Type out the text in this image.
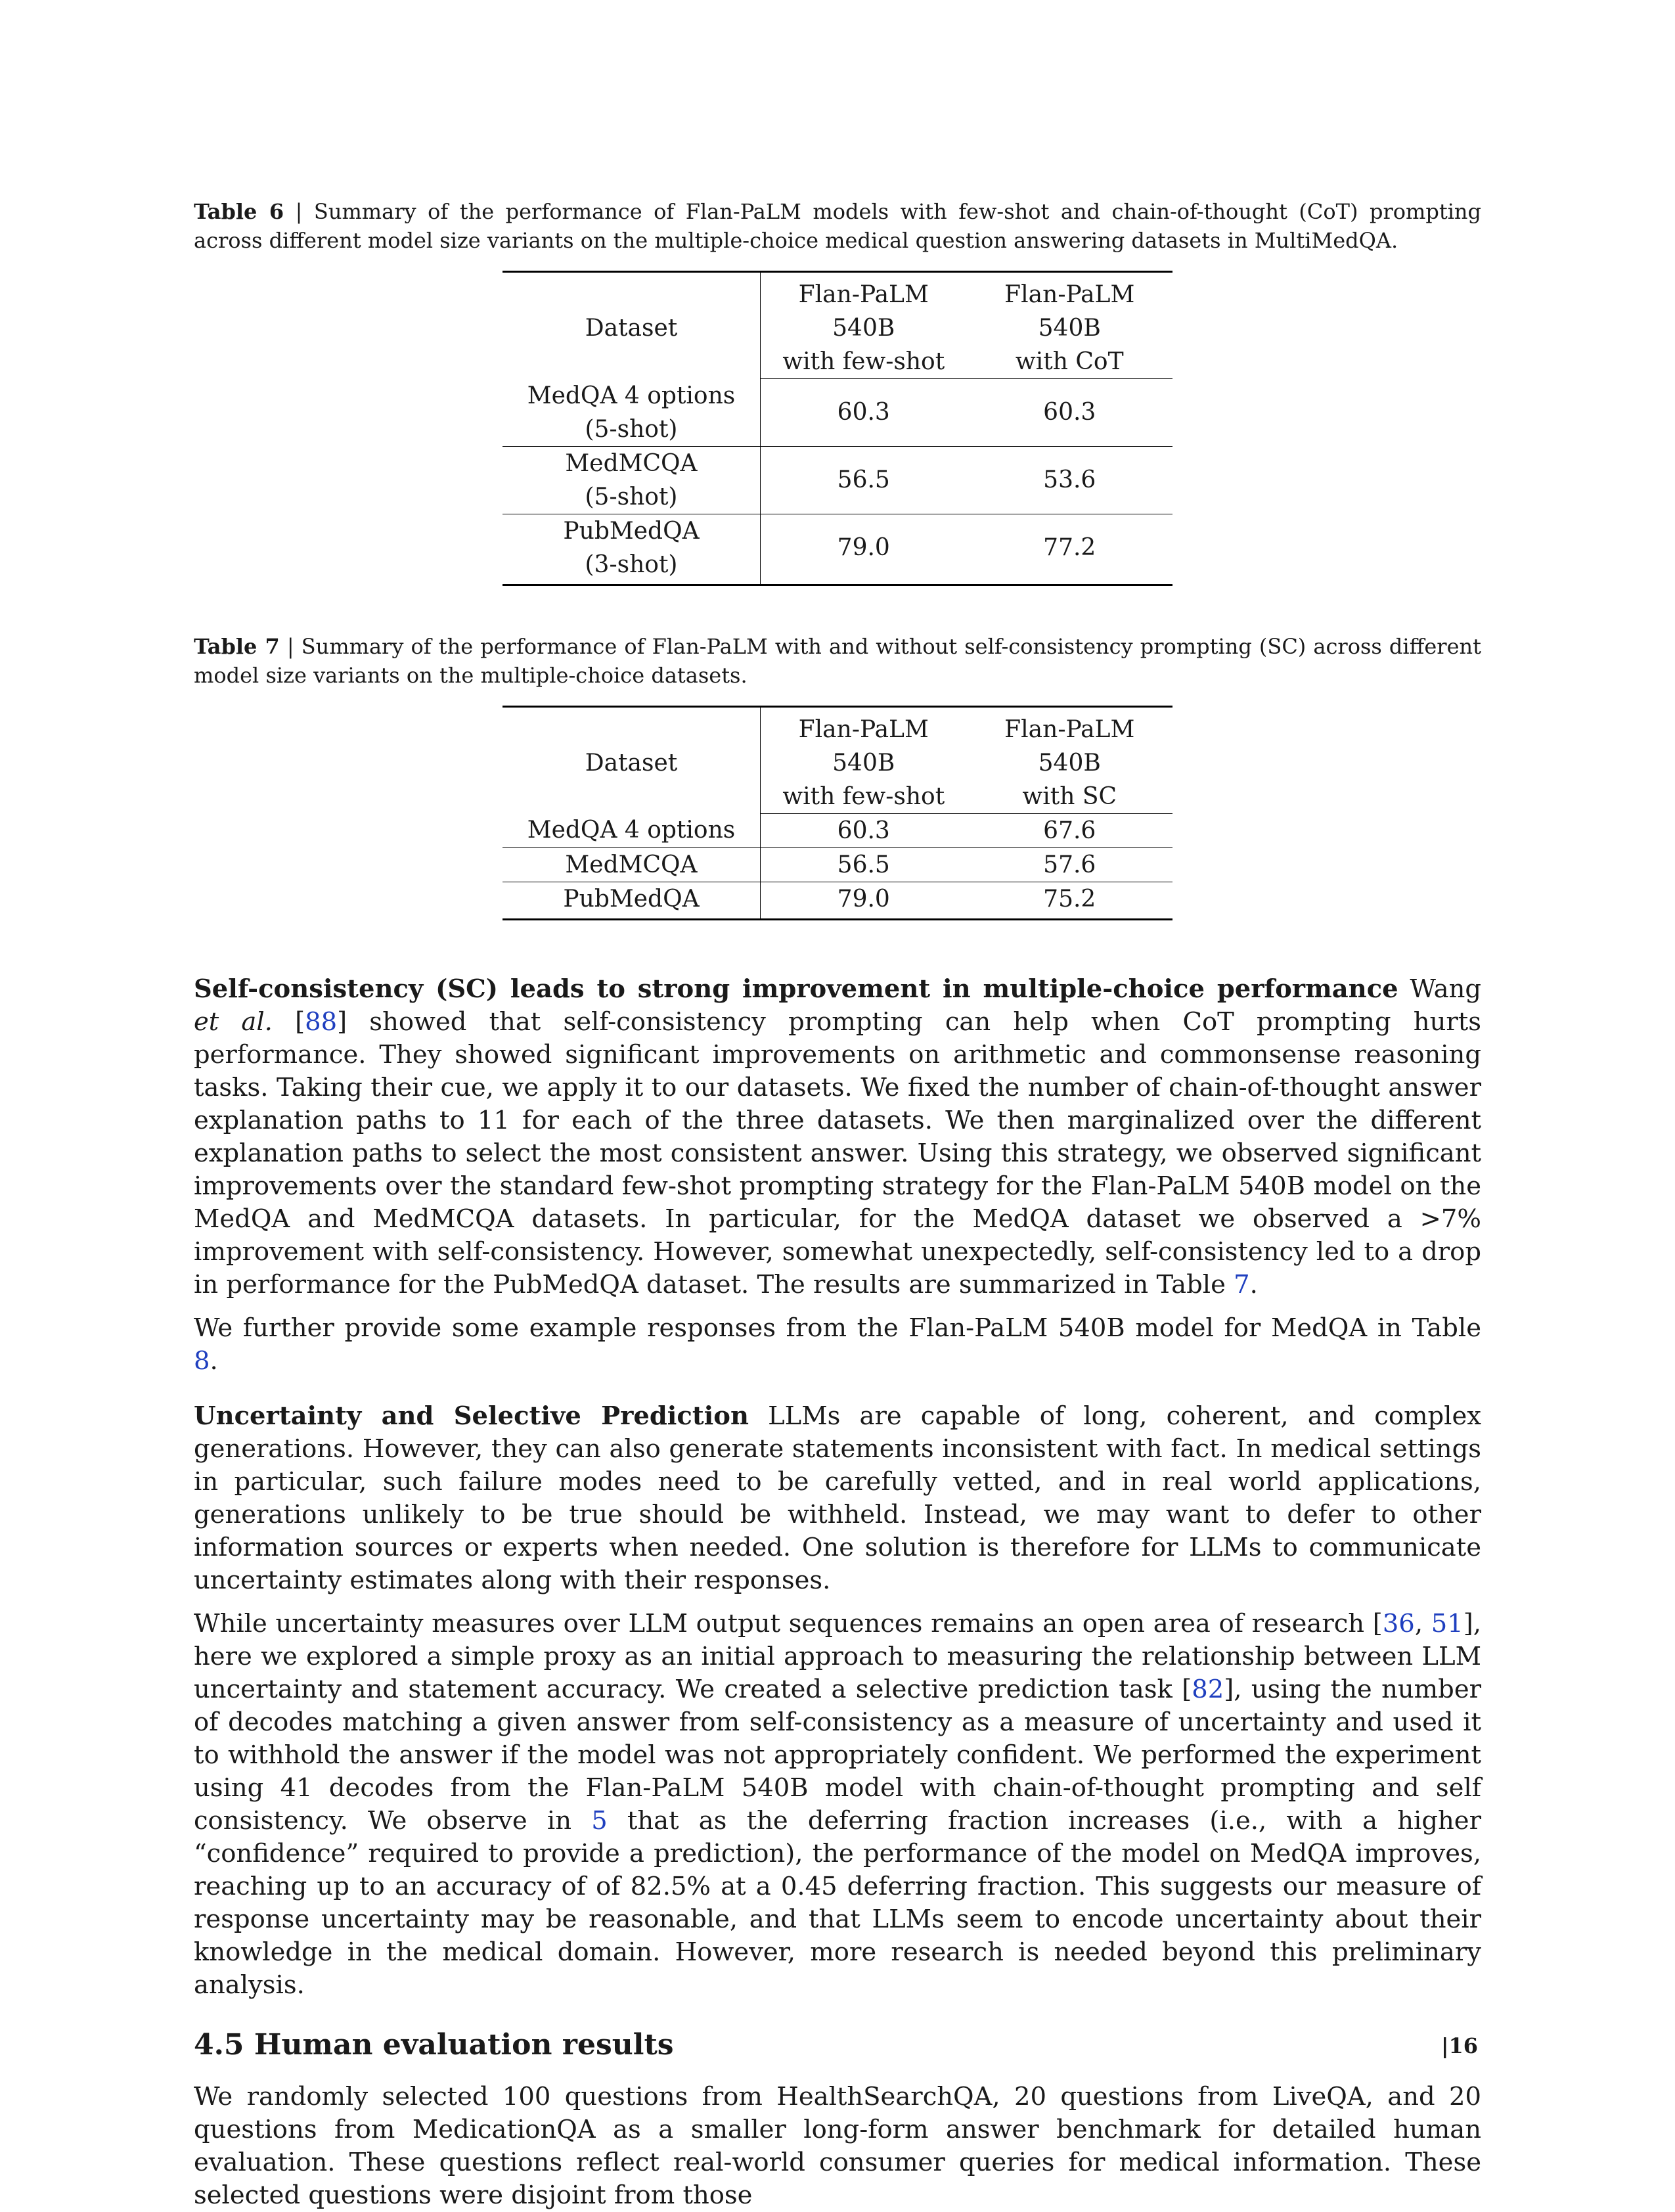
Table 6 | Summary of the performance of Flan-PaLM models with few-shot and chain-of-thought (CoT) prompting across different model size variants on the multiple-choice medical question answering datasets in MultiMedQA.

Dataset	Flan-PaLM 540B	Flan-PaLM 540B
	with few-shot	with CoT

MedQA 4 options
(5-shot)	60.3	60.3

MedMCQA
(5-shot)	56.5	53.6

PubMedQA
(3-shot)	79.0	77.2

Table 7 | Summary of the performance of Flan-PaLM with and without self-consistency prompting (SC) across different model size variants on the multiple-choice datasets.

Dataset	Flan-PaLM 540B	Flan-PaLM 540B
	with few-shot	with SC
MedQA 4 options	60.3	67.6
MedMCQA	56.5	57.6
PubMedQA	79.0	75.2

Self-consistency (SC) leads to strong improvement in multiple-choice performance Wang et al. [88] showed that self-consistency prompting can help when CoT prompting hurts performance. They showed significant improvements on arithmetic and commonsense reasoning tasks. Taking their cue, we apply it to our datasets. We fixed the number of chain-of-thought answer explanation paths to 11 for each of the three datasets. We then marginalized over the different explanation paths to select the most consistent answer. Using this strategy, we observed significant improvements over the standard few-shot prompting strategy for the Flan-PaLM 540B model on the MedQA and MedMCQA datasets. In particular, for the MedQA dataset we observed a >7% improvement with self-consistency. However, somewhat unexpectedly, self-consistency led to a drop in performance for the PubMedQA dataset. The results are summarized in Table 7.

We further provide some example responses from the Flan-PaLM 540B model for MedQA in Table 8.

Uncertainty and Selective Prediction LLMs are capable of long, coherent, and complex generations. However, they can also generate statements inconsistent with fact. In medical settings in particular, such failure modes need to be carefully vetted, and in real world applications, generations unlikely to be true should be withheld. Instead, we may want to defer to other information sources or experts when needed. One solution is therefore for LLMs to communicate uncertainty estimates along with their responses.

While uncertainty measures over LLM output sequences remains an open area of research [36, 51], here we explored a simple proxy as an initial approach to measuring the relationship between LLM uncertainty and statement accuracy. We created a selective prediction task [82], using the number of decodes matching a given answer from self-consistency as a measure of uncertainty and used it to withhold the answer if the model was not appropriately confident. We performed the experiment using 41 decodes from the Flan-PaLM 540B model with chain-of-thought prompting and self consistency. We observe in 5 that as the deferring fraction increases (i.e., with a higher “confidence” required to provide a prediction), the performance of the model on MedQA improves, reaching up to an accuracy of of 82.5% at a 0.45 deferring fraction. This suggests our measure of response uncertainty may be reasonable, and that LLMs seem to encode uncertainty about their knowledge in the medical domain. However, more research is needed beyond this preliminary analysis.

4.5 Human evaluation results

We randomly selected 100 questions from HealthSearchQA, 20 questions from LiveQA, and 20 questions from MedicationQA as a smaller long-form answer benchmark for detailed human evaluation. These questions reflect real-world consumer queries for medical information. These selected questions were disjoint from those

|16
